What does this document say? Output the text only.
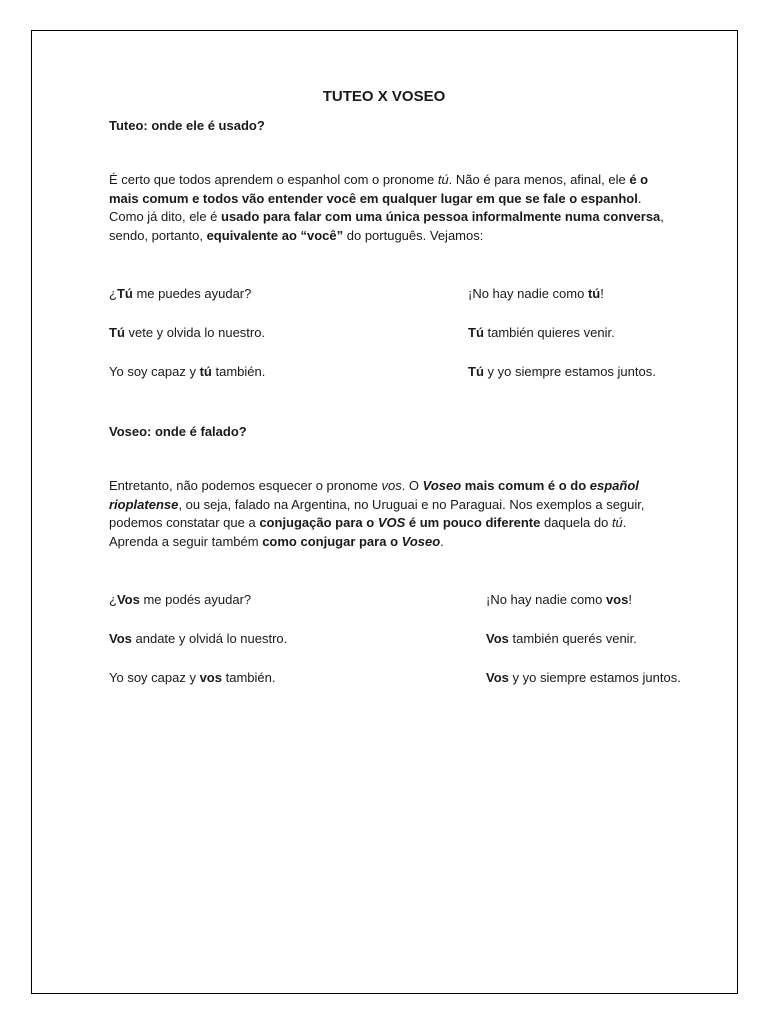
TUTEO X VOSEO

Tuteo: onde ele é usado?

É certo que todos aprendem o espanhol com o pronome tú. Não é para menos, afinal, ele é o mais comum e todos vão entender você em qualquer lugar em que se fale o espanhol. Como já dito, ele é usado para falar com uma única pessoa informalmente numa conversa, sendo, portanto, equivalente ao “você” do português. Vejamos:

¿Tú me puedes ayudar?	¡No hay nadie como tú!

Tú vete y olvida lo nuestro.	Tú también quieres venir.

Yo soy capaz y tú también.	Tú y yo siempre estamos juntos.

Voseo: onde é falado?

Entretanto, não podemos esquecer o pronome vos. O Voseo mais comum é o do español rioplatense, ou seja, falado na Argentina, no Uruguai e no Paraguai. Nos exemplos a seguir, podemos constatar que a conjugação para o VOS é um pouco diferente daquela do tú. Aprenda a seguir também como conjugar para o Voseo.

¿Vos me podés ayudar?	¡No hay nadie como vos!

Vos andate y olvidá lo nuestro.	Vos también querés venir.

Yo soy capaz y vos también.	Vos y yo siempre estamos juntos.
